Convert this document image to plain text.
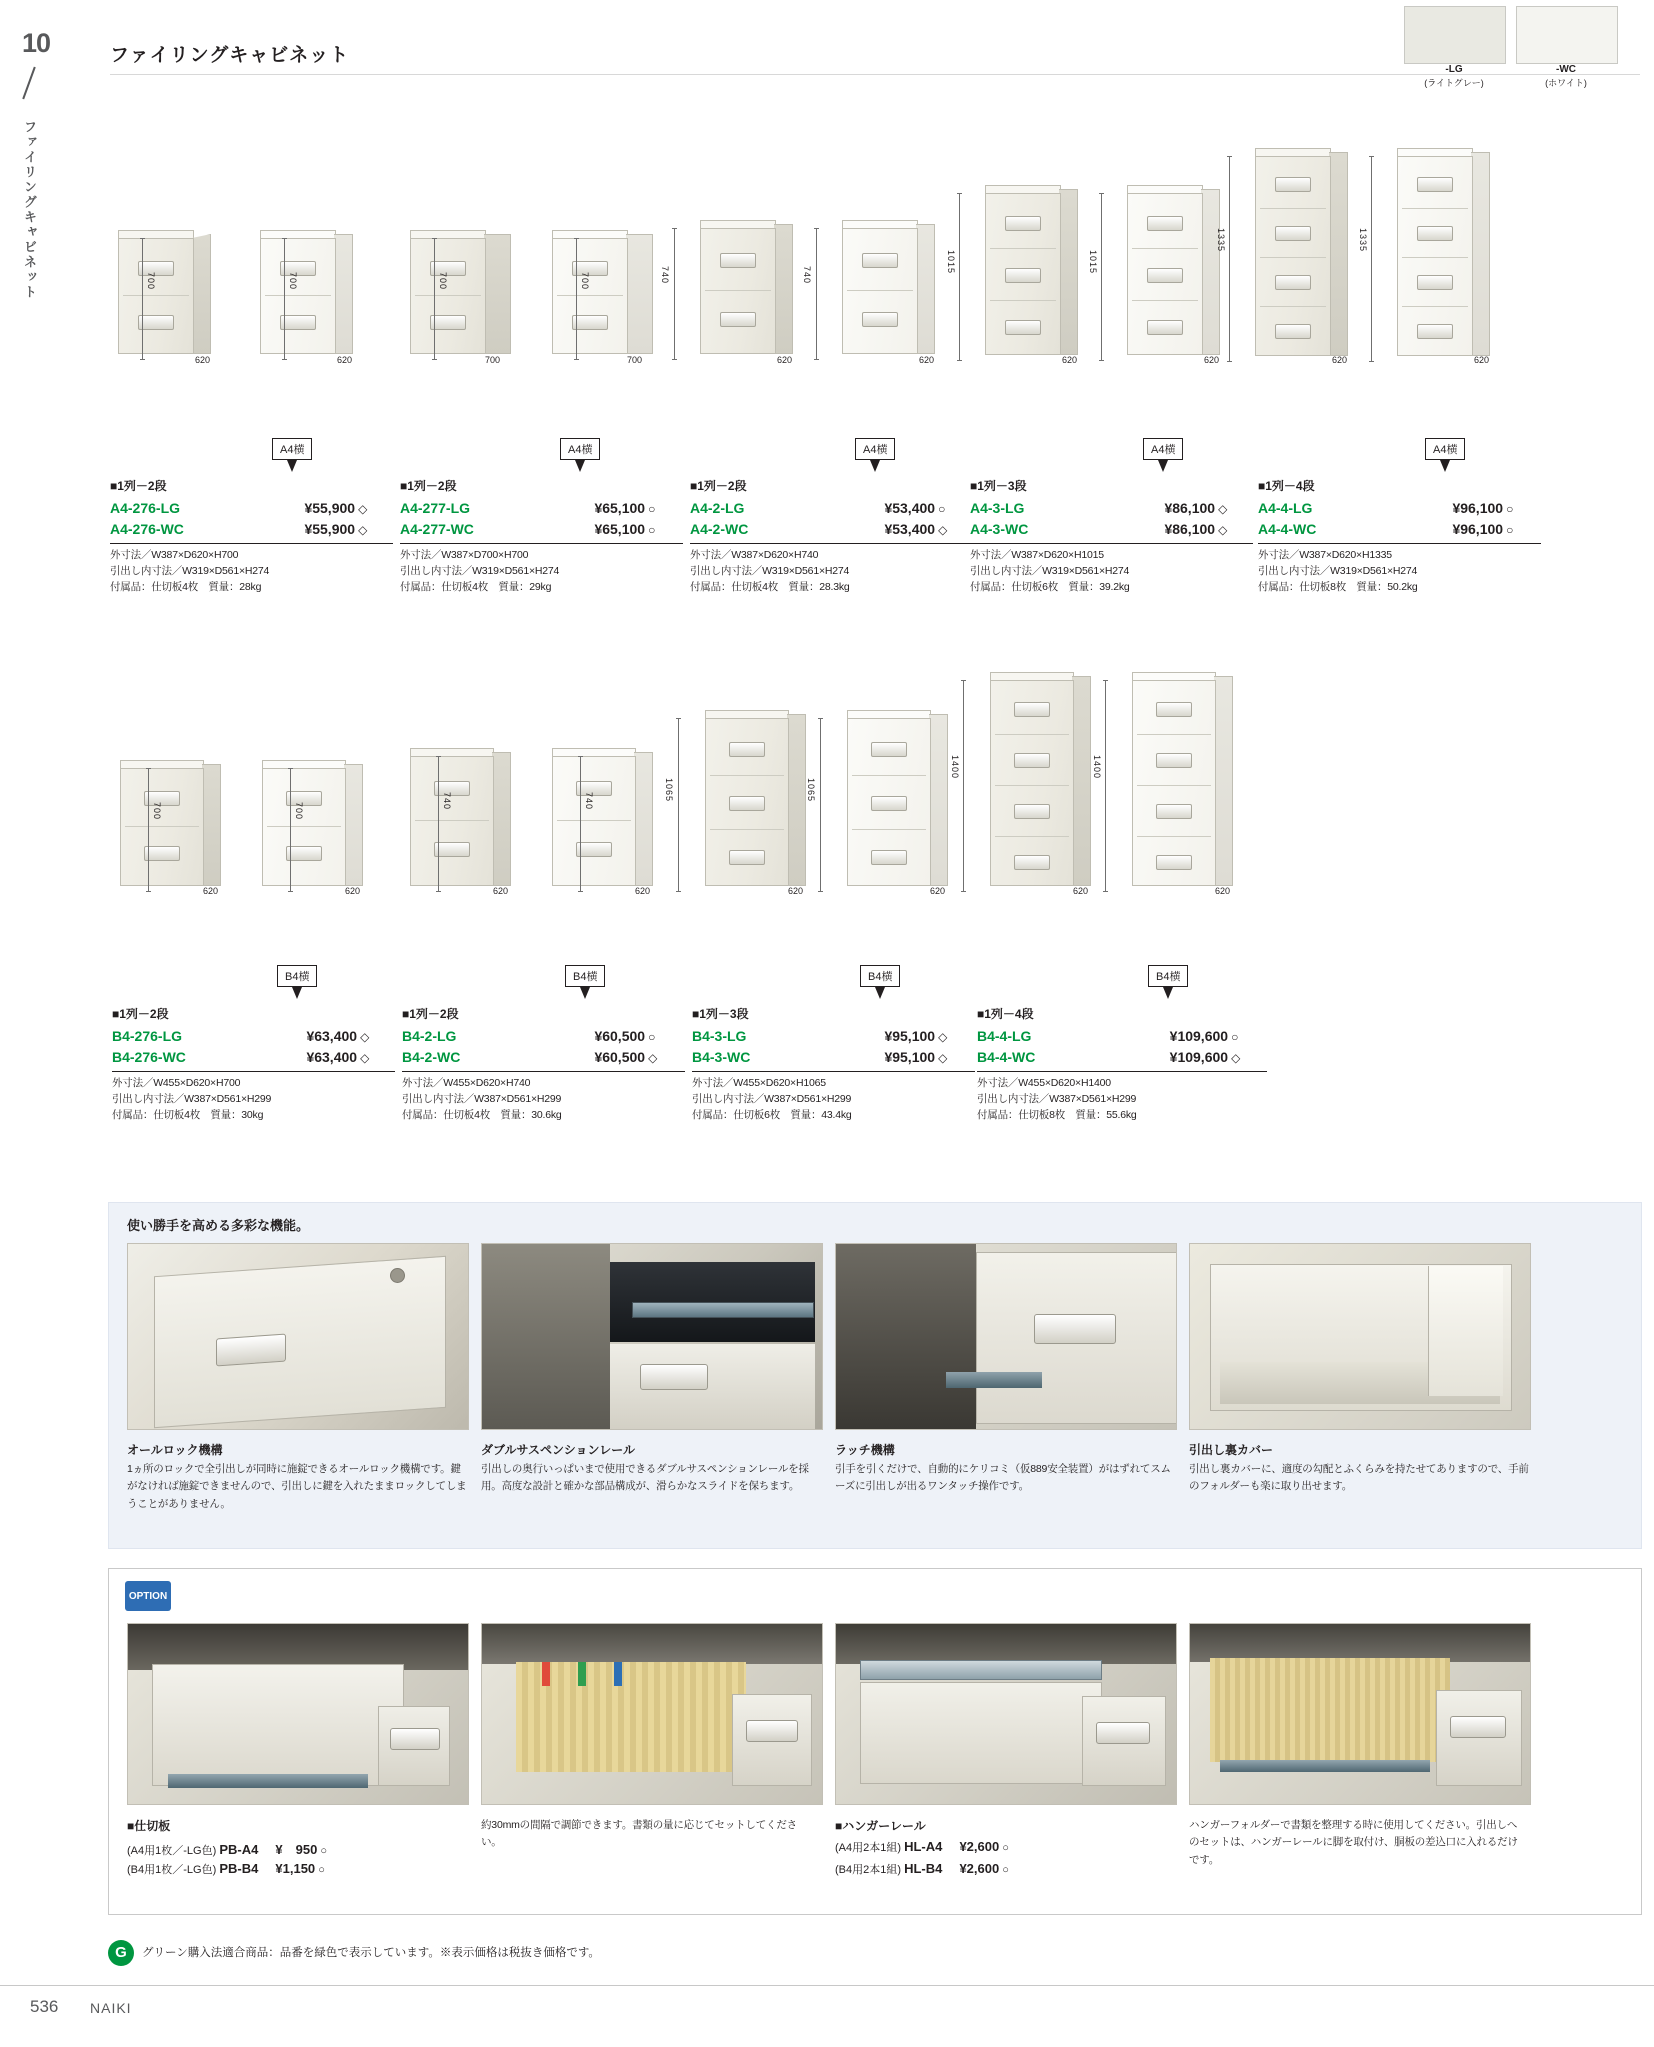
10
ファイリングキャビネット
ファイリングキャビネット
-LG
(ライトグレー)
-WC
(ホワイト)
700
620
700
620
700
700
700
700
740
620
740
620
1015
620
1015
620
1335
620
1335
620
A4横	A4横	A4横	A4横	A4横
■1列－2段
A4-276-LG	¥55,900 ◇
A4-276-WC	¥55,900 ◇
外寸法／W387×D620×H700
引出し内寸法／W319×D561×H274
付属品：仕切板4枚　質量：28kg
■1列－2段
A4-277-LG	¥65,100 ○
A4-277-WC	¥65,100 ○
外寸法／W387×D700×H700
引出し内寸法／W319×D561×H274
付属品：仕切板4枚　質量：29kg
■1列－2段
A4-2-LG	¥53,400 ○
A4-2-WC	¥53,400 ◇
外寸法／W387×D620×H740
引出し内寸法／W319×D561×H274
付属品：仕切板4枚　質量：28.3kg
■1列－3段
A4-3-LG	¥86,100 ◇
A4-3-WC	¥86,100 ◇
外寸法／W387×D620×H1015
引出し内寸法／W319×D561×H274
付属品：仕切板6枚　質量：39.2kg
■1列－4段
A4-4-LG	¥96,100 ○
A4-4-WC	¥96,100 ○
外寸法／W387×D620×H1335
引出し内寸法／W319×D561×H274
付属品：仕切板8枚　質量：50.2kg
700
620
700
620
740
620
740
620
1065
620
1065
620
1400
620
1400
620
B4横	B4横	B4横	B4横
■1列－2段
B4-276-LG	¥63,400 ◇
B4-276-WC	¥63,400 ◇
外寸法／W455×D620×H700
引出し内寸法／W387×D561×H299
付属品：仕切板4枚　質量：30kg
■1列－2段
B4-2-LG	¥60,500 ○
B4-2-WC	¥60,500 ◇
外寸法／W455×D620×H740
引出し内寸法／W387×D561×H299
付属品：仕切板4枚　質量：30.6kg
■1列－3段
B4-3-LG	¥95,100 ◇
B4-3-WC	¥95,100 ◇
外寸法／W455×D620×H1065
引出し内寸法／W387×D561×H299
付属品：仕切板6枚　質量：43.4kg
■1列－4段
B4-4-LG	¥109,600 ○
B4-4-WC	¥109,600 ◇
外寸法／W455×D620×H1400
引出し内寸法／W387×D561×H299
付属品：仕切板8枚　質量：55.6kg
使い勝手を高める多彩な機能。
オールロック機構
1ヵ所のロックで全引出しが同時に施錠できるオールロック機構です。鍵がなければ施錠できませんので、引出しに鍵を入れたままロックしてしまうことがありません。
ダブルサスペンションレール
引出しの奥行いっぱいまで使用できるダブルサスペンションレールを採用。高度な設計と確かな部品構成が、滑らかなスライドを保ちます。
ラッチ機構
引手を引くだけで、自動的にケリコミ（仮889安全装置）がはずれてスムーズに引出しが出るワンタッチ操作です。
引出し裏カバー
引出し裏カバーに、適度の勾配とふくらみを持たせてありますので、手前のフォルダーも楽に取り出せます。
OPTION
■仕切板
(A4用1枚／-LG色) PB-A4 ¥　950 ○
(B4用1枚／-LG色) PB-B4 ¥1,150 ○
約30mmの間隔で調節できます。書類の量に応じてセットしてください。
■ハンガーレール
(A4用2本1組) HL-A4 ¥2,600 ○
(B4用2本1組) HL-B4 ¥2,600 ○
ハンガーフォルダーで書類を整理する時に使用してください。引出しへのセットは、ハンガーレールに脚を取付け、胴板の差込口に入れるだけです。
G グリーン購入法適合商品：品番を緑色で表示しています。※表示価格は税抜き価格です。
536 NAIKI
